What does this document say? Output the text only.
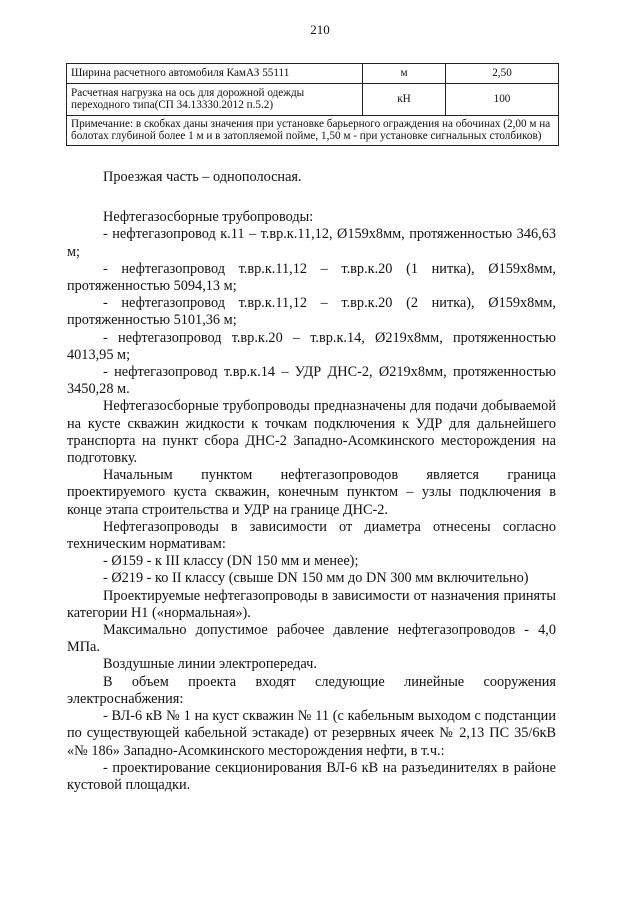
210
Ширина расчетного автомобиля КамАЗ 55111	м	2,50
Расчетная нагрузка на ось для дорожной одежды переходного типа(СП 34.13330.2012 п.5.2)	кН	100
Примечание: в скобках даны значения при установке барьерного ограждения на обочинах (2,00 м на болотах глубиной более 1 м и в затопляемой пойме, 1,50 м - при установке сигнальных столбиков)		

Проезжая часть – однополосная.

Нефтегазосборные трубопроводы:

- нефтегазопровод к.11 – т.вр.к.11,12, Ø159х8мм, протяженностью 346,63 м;

- нефтегазопровод т.вр.к.11,12 – т.вр.к.20 (1 нитка), Ø159х8мм, протяженностью 5094,13 м;

- нефтегазопровод т.вр.к.11,12 – т.вр.к.20 (2 нитка), Ø159х8мм, протяженностью 5101,36 м;

- нефтегазопровод т.вр.к.20 – т.вр.к.14, Ø219х8мм, протяженностью 4013,95 м;

- нефтегазопровод т.вр.к.14 – УДР ДНС-2, Ø219х8мм, протяженностью 3450,28 м.

Нефтегазосборные трубопроводы предназначены для подачи добываемой на кусте скважин жидкости к точкам подключения к УДР для дальнейшего транспорта на пункт сбора ДНС-2 Западно-Асомкинского месторождения на подготовку.

Начальным пунктом нефтегазопроводов является граница проектируемого куста скважин, конечным пунктом – узлы подключения в конце этапа строительства и УДР на границе ДНС-2.

Нефтегазопроводы в зависимости от диаметра отнесены согласно техническим нормативам:

- Ø159 - к III классу (DN 150 мм и менее);

- Ø219 - ко II классу (свыше DN 150 мм до DN 300 мм включительно)

Проектируемые нефтегазопроводы в зависимости от назначения приняты категории Н1 («нормальная»).

Максимально допустимое рабочее давление нефтегазопроводов - 4,0 МПа.

Воздушные линии электропередач.

В объем проекта входят следующие линейные сооружения электроснабжения:

- ВЛ-6 кВ № 1 на куст скважин № 11 (с кабельным выходом с подстанции по существующей кабельной эстакаде) от резервных ячеек № 2,13 ПС 35/6кВ «№ 186» Западно-Асомкинского месторождения нефти, в т.ч.:

- проектирование секционирования ВЛ-6 кВ на разъединителях в районе кустовой площадки.
